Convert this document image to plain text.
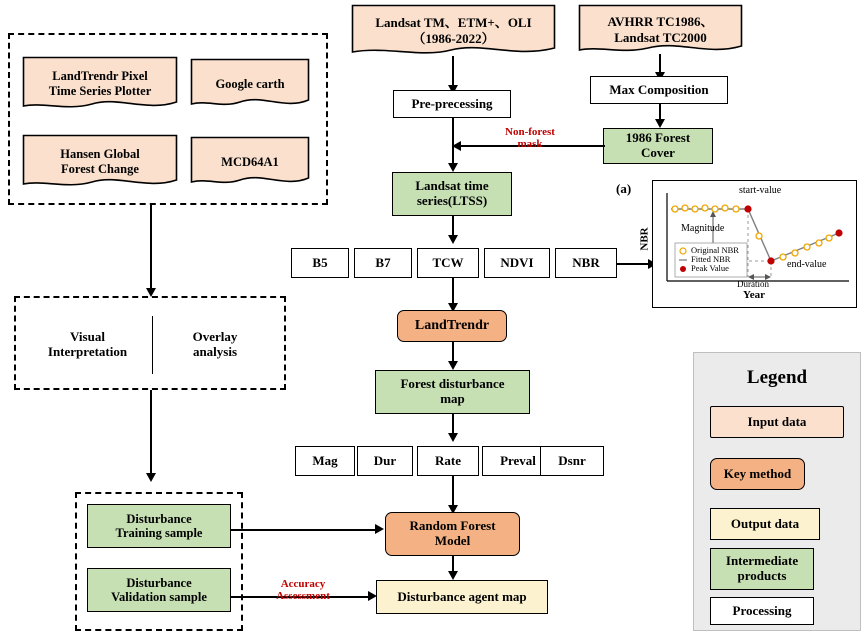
Landsat TM、ETM+、OLI
（1986-2022）
AVHRR TC1986、
Landsat TC2000
Pre-precessing
Max Composition
1986 Forest
Cover
Non-forest
mask
Landsat time
series(LTSS)
B5	B7	TCW	NDVI	NBR
LandTrendr
Forest disturbance
map
Mag	Dur	Rate	Preval	Dsnr
Random Forest
Model
Disturbance agent map
LandTrendr Pixel
Time Series Plotter
Google carth
Hansen Global
Forest Change
MCD64A1
Visual
Interpretation
Overlay
analysis
Disturbance
Training sample
Disturbance
Validation sample
Accuracy
Assessment
(a)
NBR
Year
start-value
end-value
Magnitude
Duration
Original NBR
Fitted NBR
Peak Value
Legend
Input data
Key method
Output data
Intermediate
products
Processing
